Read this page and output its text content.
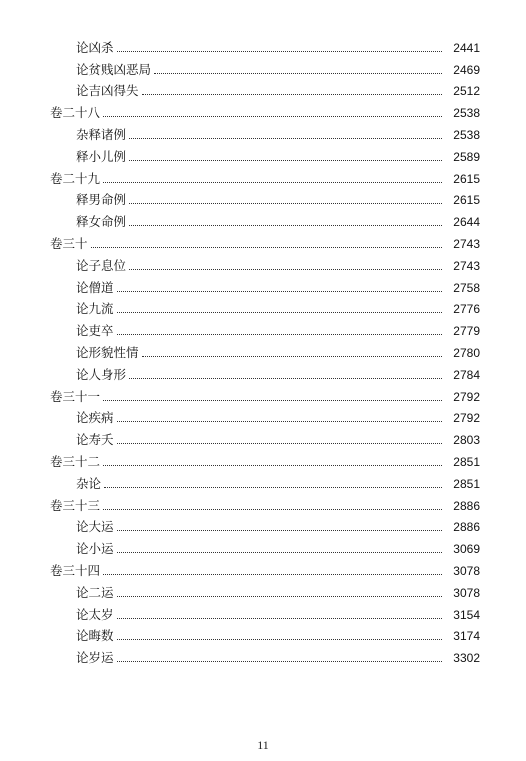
论凶杀	2441
论贫贱凶恶局	2469
论吉凶得失	2512
卷二十八	2538
杂释诸例	2538
释小儿例	2589
卷二十九	2615
释男命例	2615
释女命例	2644
卷三十	2743
论子息位	2743
论僧道	2758
论九流	2776
论吏卒	2779
论形貌性情	2780
论人身形	2784
卷三十一	2792
论疾病	2792
论寿夭	2803
卷三十二	2851
杂论	2851
卷三十三	2886
论大运	2886
论小运	3069
卷三十四	3078
论二运	3078
论太岁	3154
论晦数	3174
论岁运	3302
11
